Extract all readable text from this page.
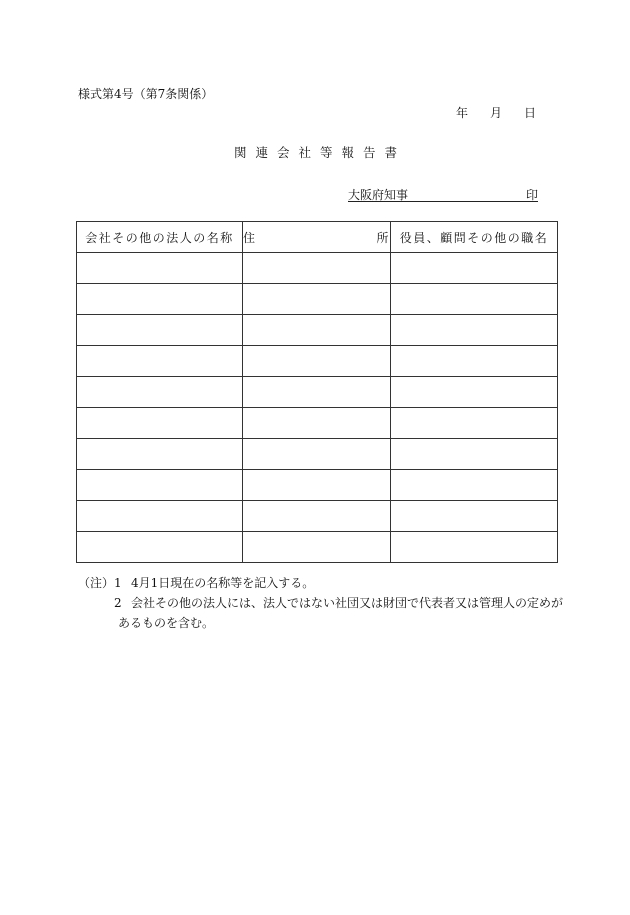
様式第4号（第7条関係）
年 月 日
関連会社等報告書
大阪府知事	印
会社その他の法人の名称	住 所	役員、顧問その他の職名

（注） 1 4月1日現在の名称等を記入する。
2 会社その他の法人には、法人ではない社団又は財団で代表者又は管理人の定めが
あるものを含む。
